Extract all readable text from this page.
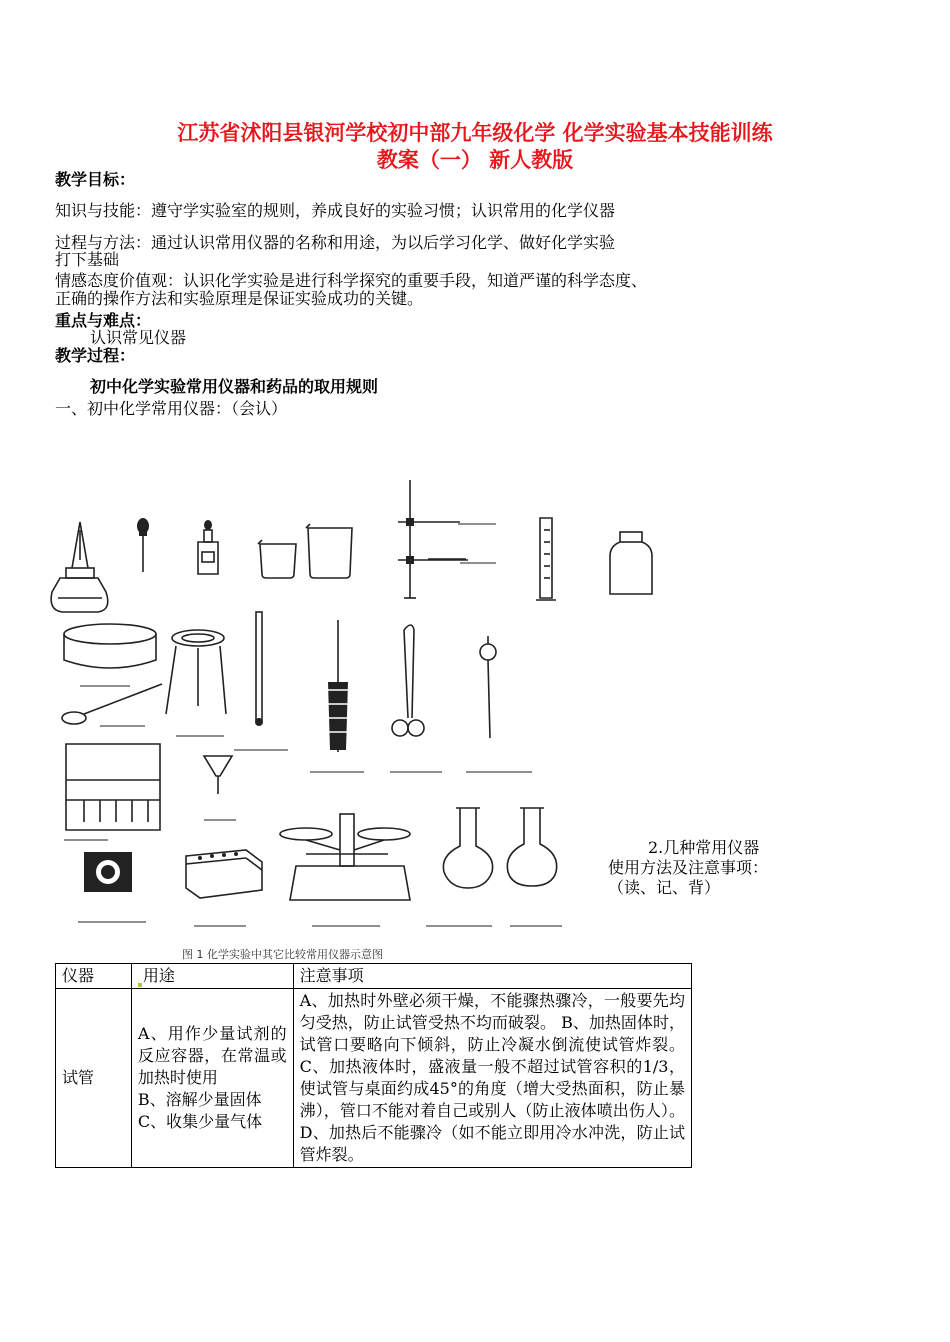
江苏省沭阳县银河学校初中部九年级化学 化学实验基本技能训练
教案（一） 新人教版
教学目标：
知识与技能：遵守学实验室的规则，养成良好的实验习惯；认识常用的化学仪器
过程与方法：通过认识常用仪器的名称和用途，为以后学习化学、做好化学实验
打下基础
情感态度价值观：认识化学实验是进行科学探究的重要手段，知道严谨的科学态度、
正确的操作方法和实验原理是保证实验成功的关键。
重点与难点：
认识常见仪器
教学过程：
初中化学实验常用仪器和药品的取用规则
一、初中化学常用仪器：（会认）
2.几种常用仪器
使用方法及注意事项：
（读、记、背）
图 1 化学实验中其它比较常用仪器示意图
仪器	用途	注意事项
试管	A、用作少量试剂的反应容器，在常温或加热时使用
B、溶解少量固体
C、收集少量气体	A、加热时外壁必须干燥，不能骤热骤冷，一般要先均匀受热，防止试管受热不均而破裂。 B、加热固体时，试管口要略向下倾斜，防止冷凝水倒流使试管炸裂。 C、加热液体时，盛液量一般不超过试管容积的1/3，使试管与桌面约成45°的角度（增大受热面积，防止暴沸），管口不能对着自己或别人（防止液体喷出伤人）。 D、加热后不能骤冷（如不能立即用冷水冲洗，防止试管炸裂。
